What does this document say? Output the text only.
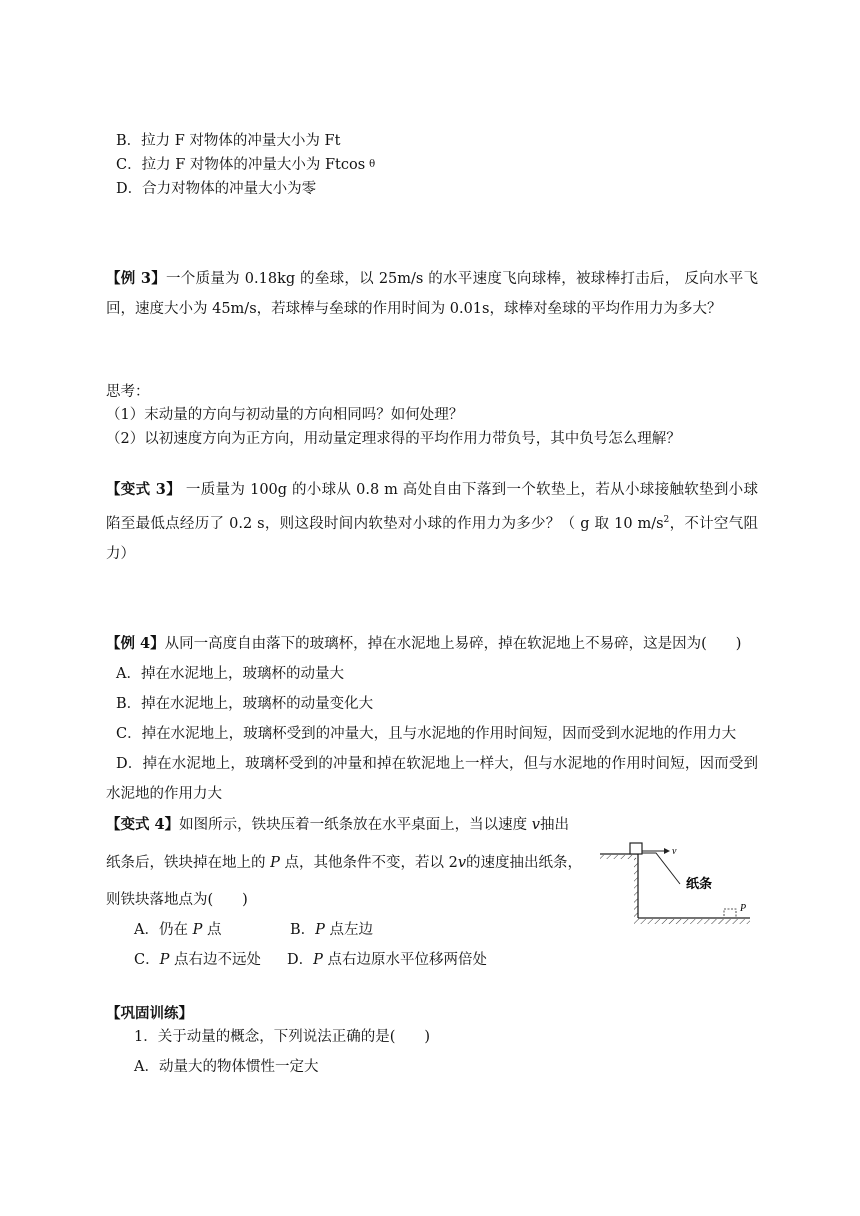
B．拉力 F 对物体的冲量大小为 Ft
C．拉力 F 对物体的冲量大小为 Ftcos θ
D．合力对物体的冲量大小为零
【例 3】一个质量为 0.18kg 的垒球，以 25m/s 的水平速度飞向球棒，被球棒打击后， 反向水平飞回，速度大小为 45m/s，若球棒与垒球的作用时间为 0.01s，球棒对垒球的平均作用力为多大？
思考：
（1）末动量的方向与初动量的方向相同吗？如何处理？
（2）以初速度方向为正方向，用动量定理求得的平均作用力带负号，其中负号怎么理解？
【变式 3】 一质量为 100g 的小球从 0.8 m 高处自由下落到一个软垫上，若从小球接触软垫到小球陷至最低点经历了 0.2 s，则这段时间内软垫对小球的作用力为多少？（ g 取 10 $m/s^2$，不计空气阻力）
【例 4】从同一高度自由落下的玻璃杯，掉在水泥地上易碎，掉在软泥地上不易碎，这是因为(　　)
A．掉在水泥地上，玻璃杯的动量大
B．掉在水泥地上，玻璃杯的动量变化大
C．掉在水泥地上，玻璃杯受到的冲量大，且与水泥地的作用时间短，因而受到水泥地的作用力大
D．掉在水泥地上，玻璃杯受到的冲量和掉在软泥地上一样大，但与水泥地的作用时间短，因而受到水泥地的作用力大
【变式 4】如图所示，铁块压着一纸条放在水平桌面上，当以速度 v抽出
纸条后，铁块掉在地上的 P 点，其他条件不变，若以 2v的速度抽出纸条，
则铁块落地点为(　　)
A．仍在 P 点	B．P 点左边
C．P 点右边不远处 D．P 点右边原水平位移两倍处
v
纸条
P
【巩固训练】
1．关于动量的概念，下列说法正确的是(　　)
A．动量大的物体惯性一定大
